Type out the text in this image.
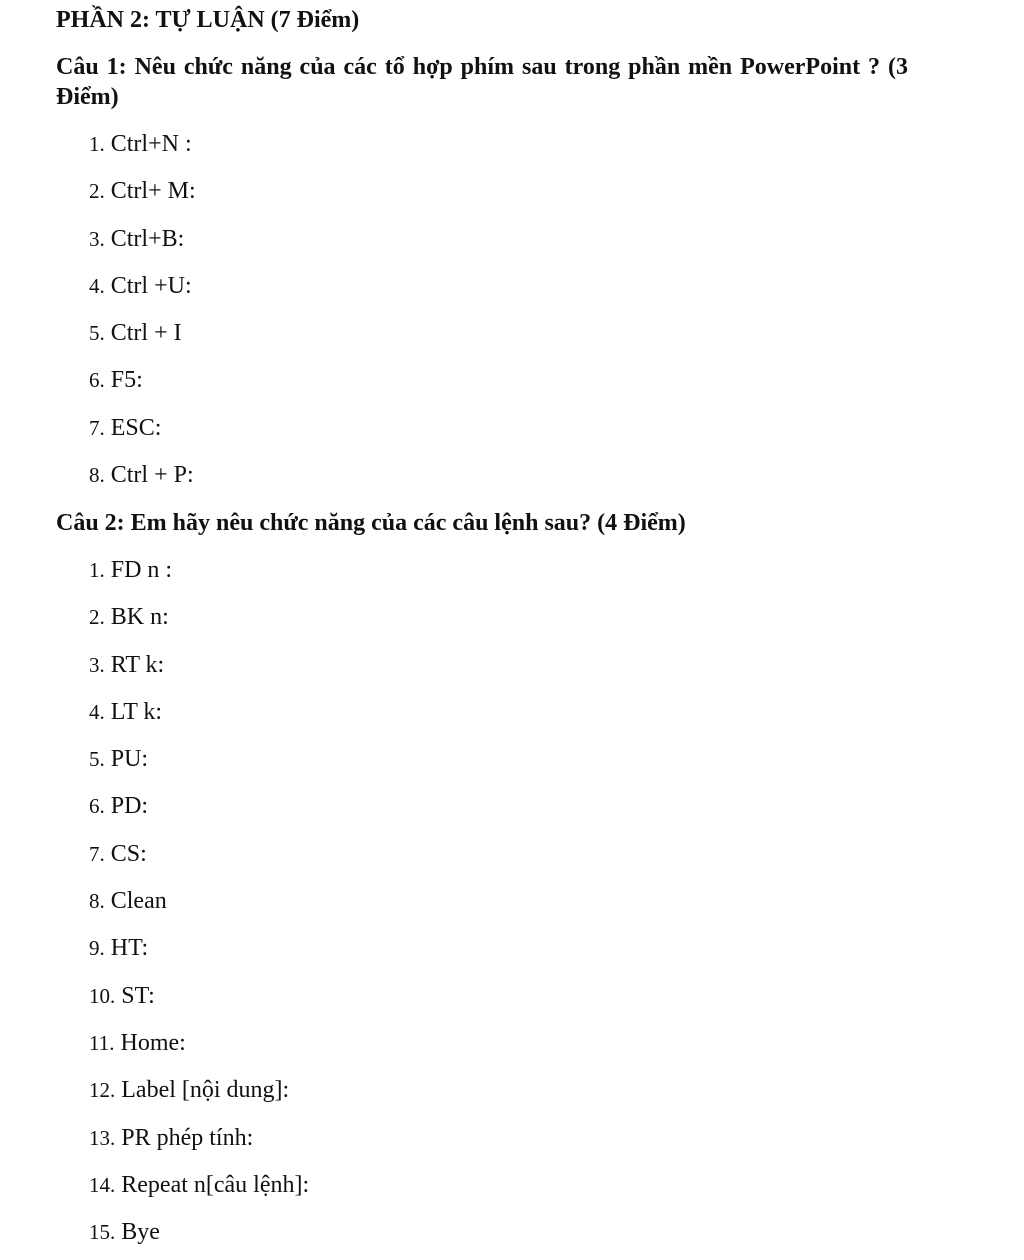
PHẦN 2: TỰ LUẬN (7 Điểm)

Câu 1: Nêu chức năng của các tổ hợp phím sau trong phần mền PowerPoint ? (3 Điểm)

1. Ctrl+N :
2. Ctrl+ M:
3. Ctrl+B:
4. Ctrl +U:
5. Ctrl + I
6. F5:
7. ESC:
8. Ctrl + P:

Câu 2: Em hãy nêu chức năng của các câu lệnh sau? (4 Điểm)

1. FD n :
2. BK n:
3. RT k:
4. LT k:
5. PU:
6. PD:
7. CS:
8. Clean
9. HT:
10. ST:
11. Home:
12. Label [nội dung]:
13. PR phép tính:
14. Repeat n[câu lệnh]:
15. Bye
